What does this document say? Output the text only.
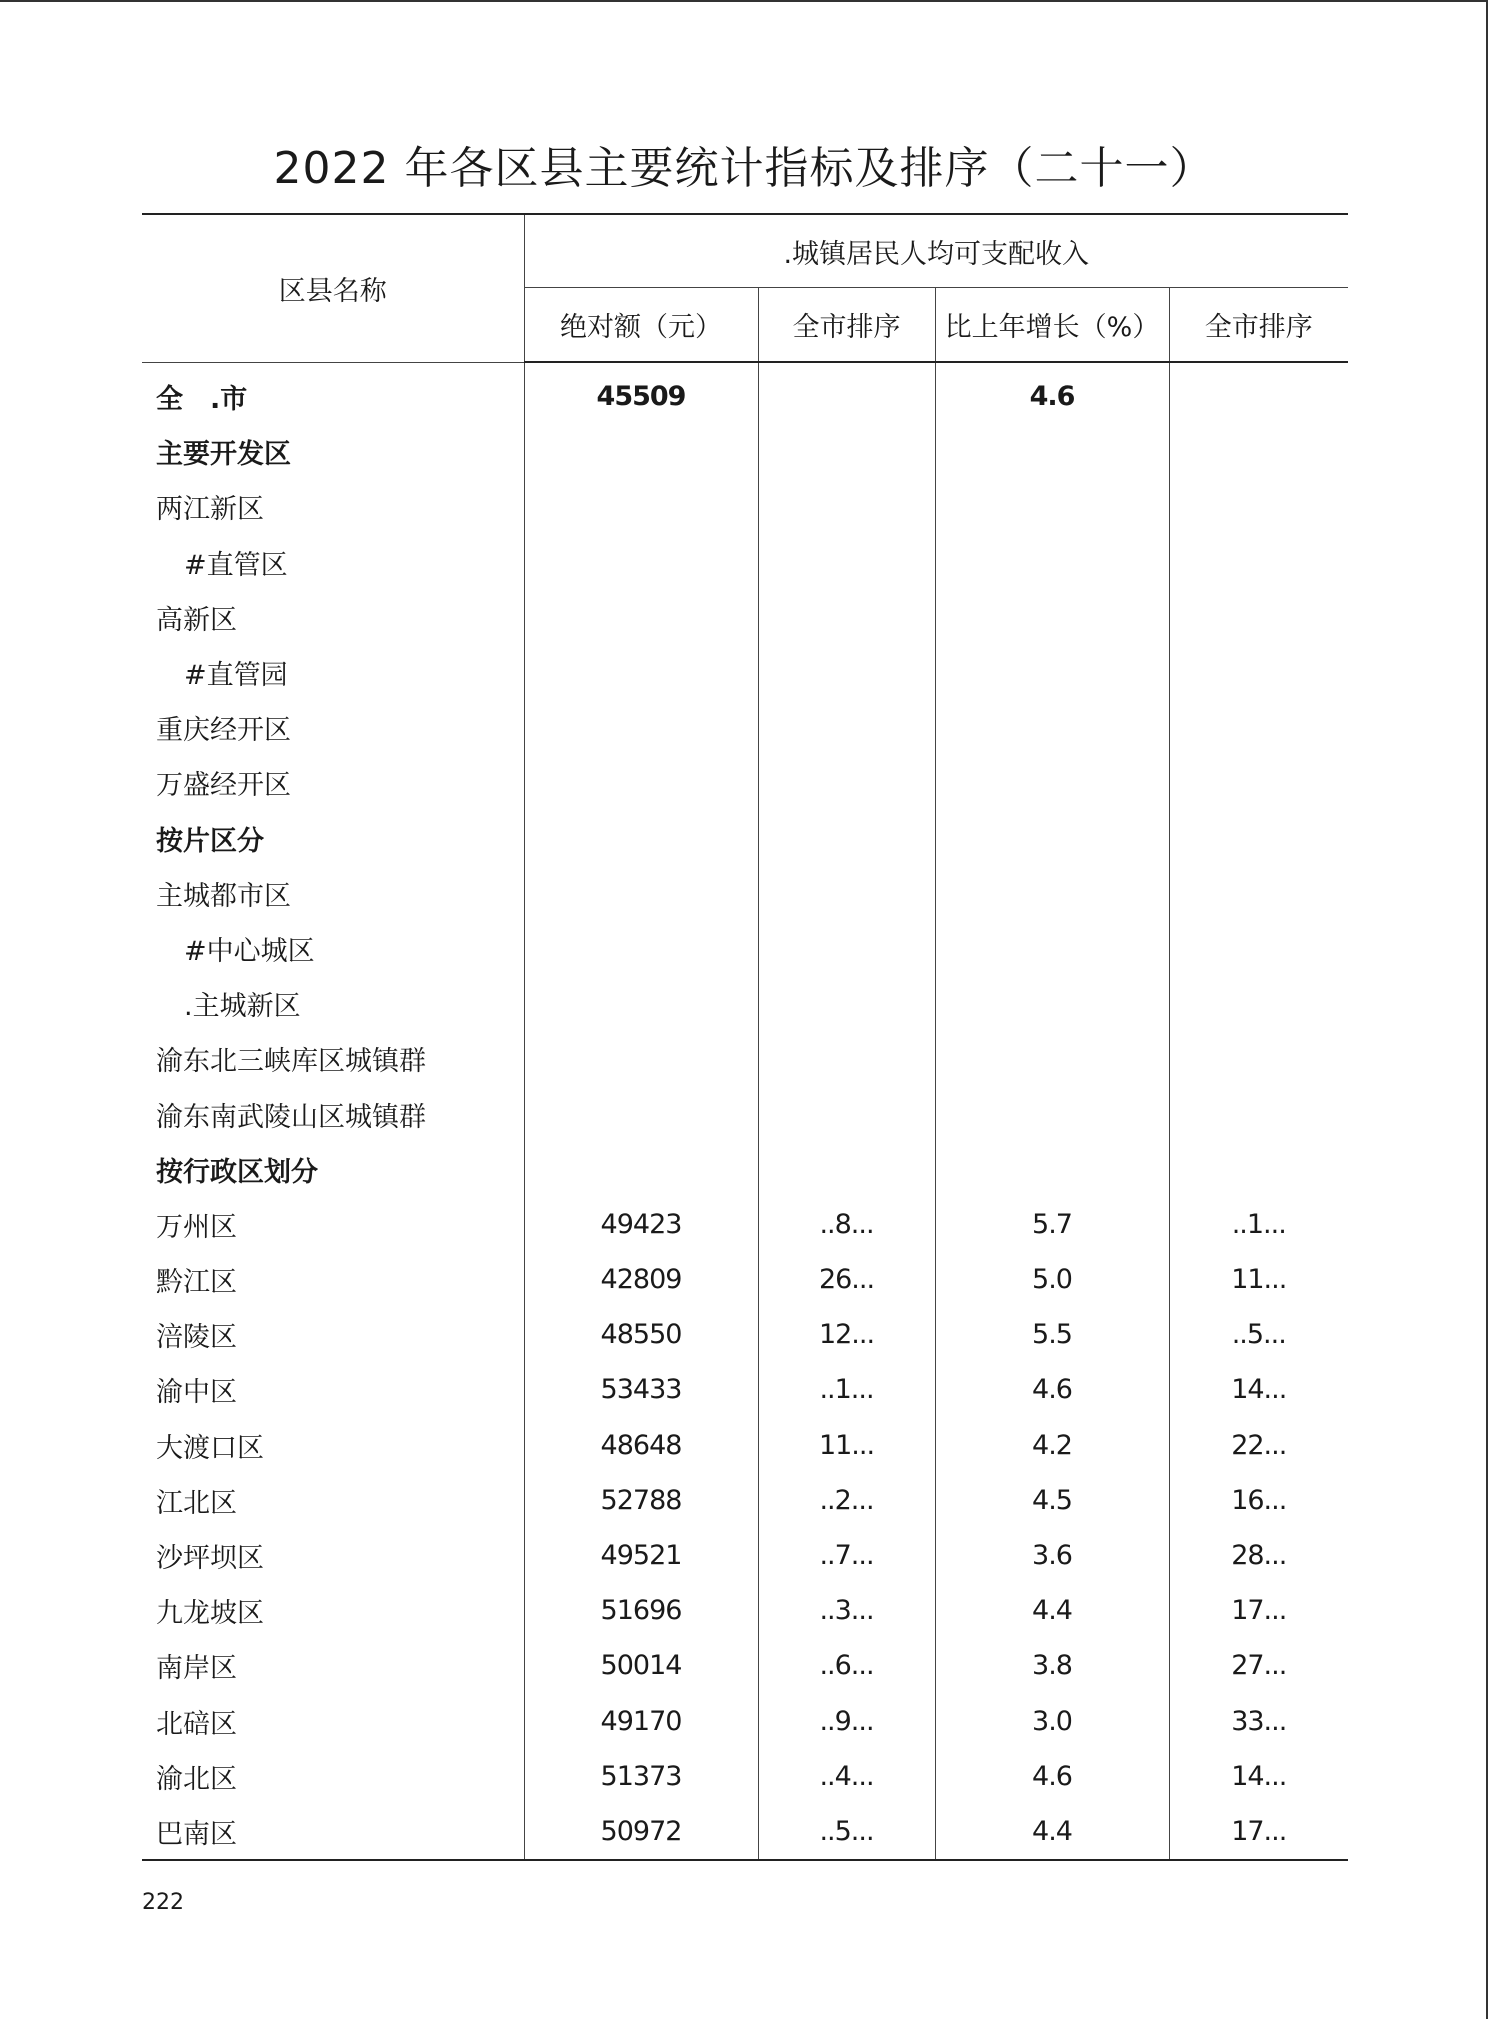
2022 年各区县主要统计指标及排序（二十一）
区县名称	.城镇居民人均可支配收入			
	绝对额（元）	全市排序	比上年增长（%）	全市排序
全　.市	45509		4.6	
主要开发区				
两江新区				
#直管区				
高新区				
#直管园				
重庆经开区				
万盛经开区				
按片区分				
主城都市区				
#中心城区				
.主城新区				
渝东北三峡库区城镇群				
渝东南武陵山区城镇群				
按行政区划分				
万州区	49423	..8...	5.7	..1...
黔江区	42809	26...	5.0	11...
涪陵区	48550	12...	5.5	..5...
渝中区	53433	..1...	4.6	14...
大渡口区	48648	11...	4.2	22...
江北区	52788	..2...	4.5	16...
沙坪坝区	49521	..7...	3.6	28...
九龙坡区	51696	..3...	4.4	17...
南岸区	50014	..6...	3.8	27...
北碚区	49170	..9...	3.0	33...
渝北区	51373	..4...	4.6	14...
巴南区	50972	..5...	4.4	17...
222
